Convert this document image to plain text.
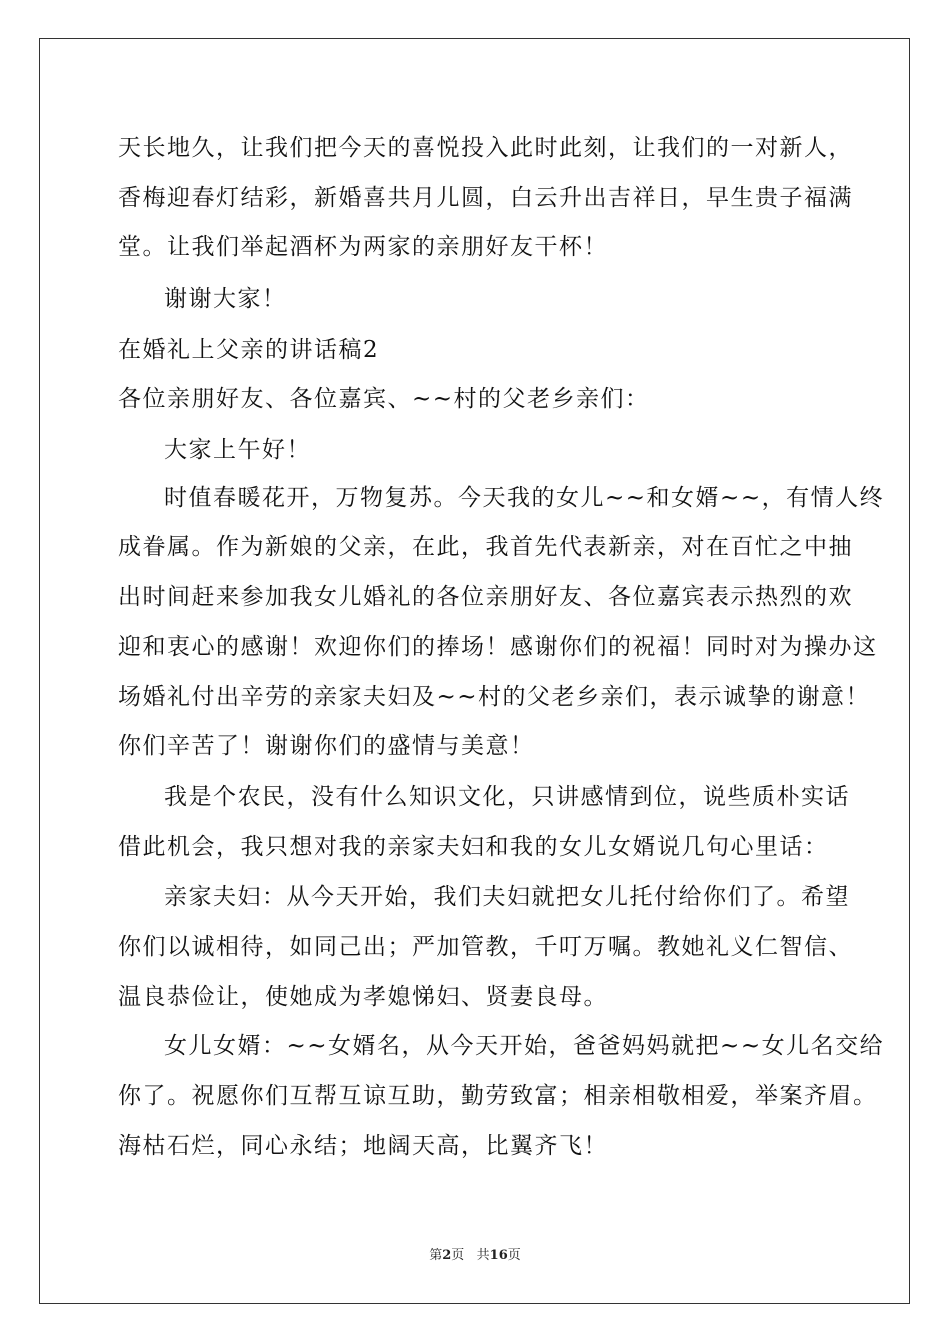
天长地久，让我们把今天的喜悦投入此时此刻，让我们的一对新人，
香梅迎春灯结彩，新婚喜共月儿圆，白云升出吉祥日，早生贵子福满
堂。让我们举起酒杯为两家的亲朋好友干杯！
谢谢大家！
在婚礼上父亲的讲话稿2
各位亲朋好友、各位嘉宾、~~村的父老乡亲们：
大家上午好！
时值春暖花开，万物复苏。今天我的女儿~~和女婿~~，有情人终
成眷属。作为新娘的父亲，在此，我首先代表新亲，对在百忙之中抽
出时间赶来参加我女儿婚礼的各位亲朋好友、各位嘉宾表示热烈的欢
迎和衷心的感谢！欢迎你们的捧场！感谢你们的祝福！同时对为操办这
场婚礼付出辛劳的亲家夫妇及~~村的父老乡亲们，表示诚挚的谢意！
你们辛苦了！谢谢你们的盛情与美意！
我是个农民，没有什么知识文化，只讲感情到位，说些质朴实话
借此机会，我只想对我的亲家夫妇和我的女儿女婿说几句心里话：
亲家夫妇：从今天开始，我们夫妇就把女儿托付给你们了。希望
你们以诚相待，如同己出；严加管教，千叮万嘱。教她礼义仁智信、
温良恭俭让，使她成为孝媳悌妇、贤妻良母。
女儿女婿：~~女婿名，从今天开始，爸爸妈妈就把~~女儿名交给
你了。祝愿你们互帮互谅互助，勤劳致富；相亲相敬相爱，举案齐眉。
海枯石烂，同心永结；地阔天高，比翼齐飞！
第2页   共16页
